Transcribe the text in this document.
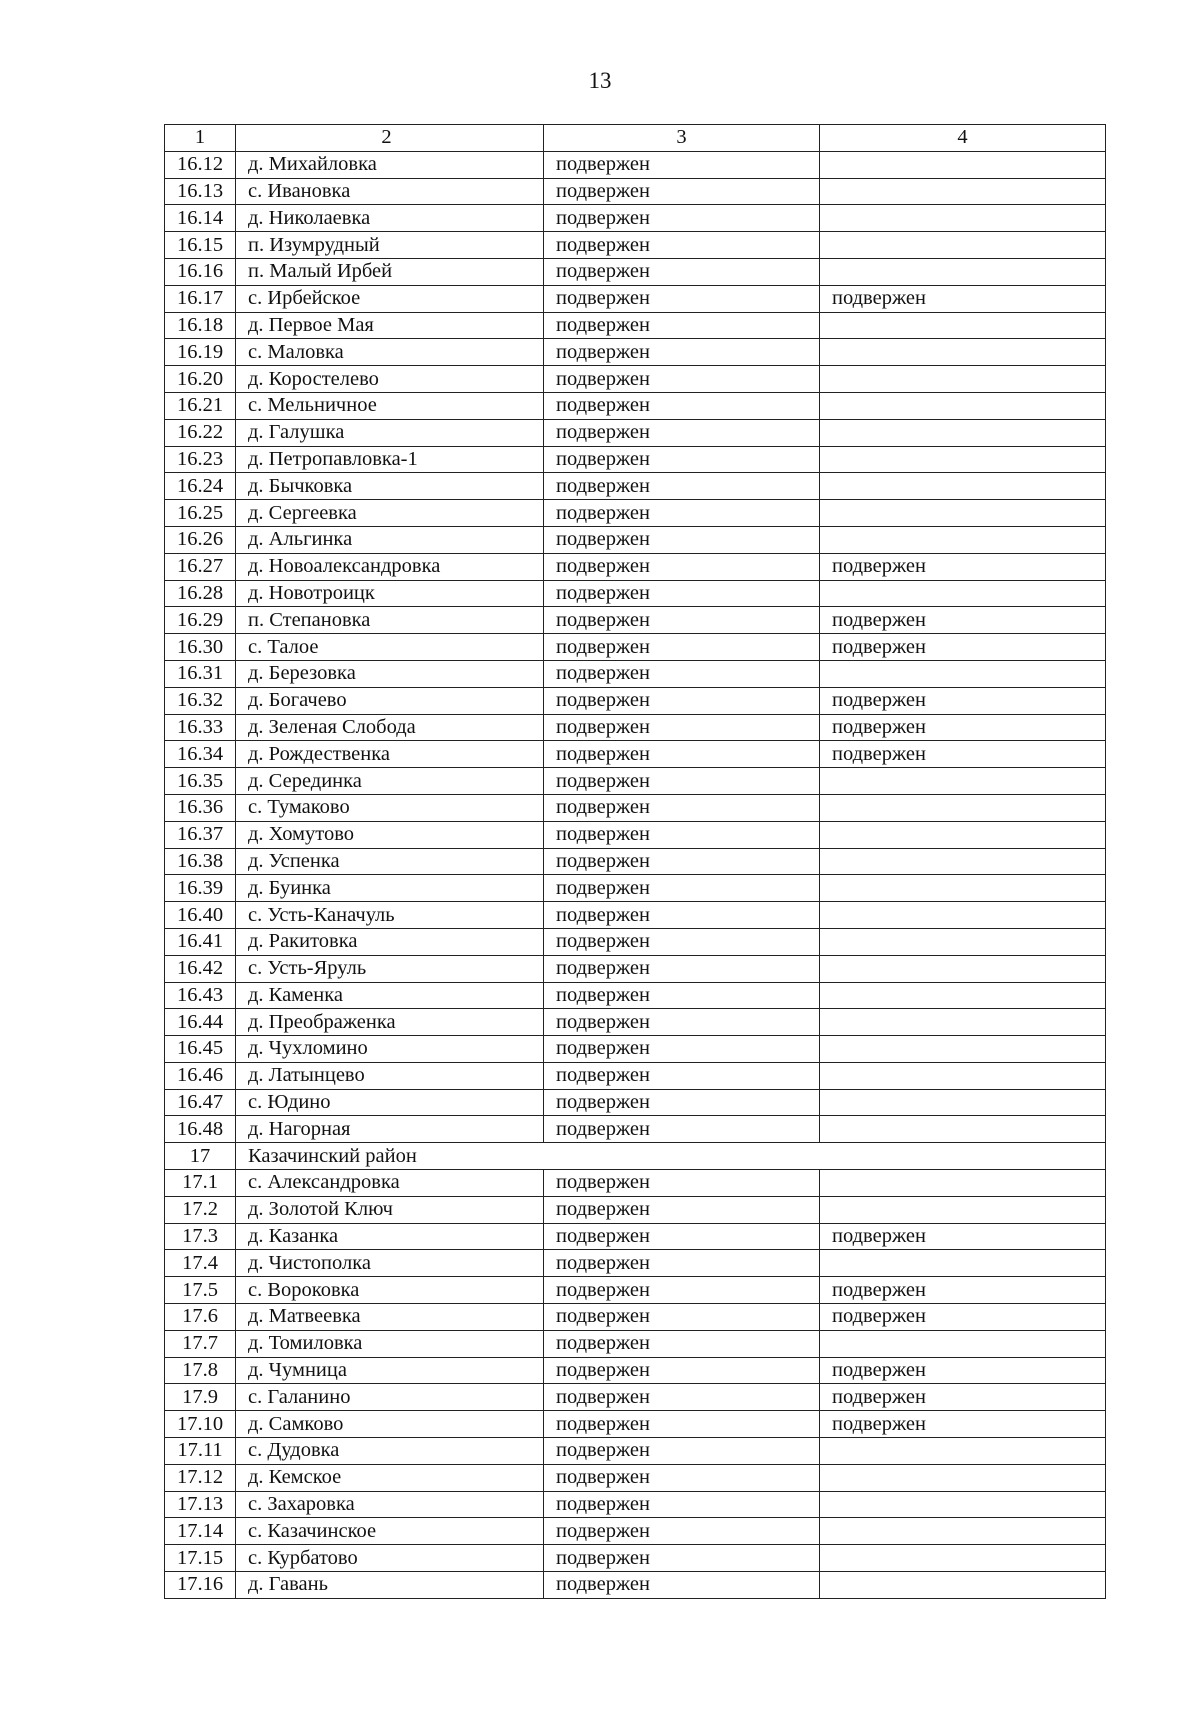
13
1	2	3	4
16.12	д. Михайловка	подвержен	
16.13	с. Ивановка	подвержен	
16.14	д. Николаевка	подвержен	
16.15	п. Изумрудный	подвержен	
16.16	п. Малый Ирбей	подвержен	
16.17	с. Ирбейское	подвержен	подвержен
16.18	д. Первое Мая	подвержен	
16.19	с. Маловка	подвержен	
16.20	д. Коростелево	подвержен	
16.21	с. Мельничное	подвержен	
16.22	д. Галушка	подвержен	
16.23	д. Петропавловка-1	подвержен	
16.24	д. Бычковка	подвержен	
16.25	д. Сергеевка	подвержен	
16.26	д. Альгинка	подвержен	
16.27	д. Новоалександровка	подвержен	подвержен
16.28	д. Новотроицк	подвержен	
16.29	п. Степановка	подвержен	подвержен
16.30	с. Талое	подвержен	подвержен
16.31	д. Березовка	подвержен	
16.32	д. Богачево	подвержен	подвержен
16.33	д. Зеленая Слобода	подвержен	подвержен
16.34	д. Рождественка	подвержен	подвержен
16.35	д. Серединка	подвержен	
16.36	с. Тумаково	подвержен	
16.37	д. Хомутово	подвержен	
16.38	д. Успенка	подвержен	
16.39	д. Буинка	подвержен	
16.40	с. Усть-Каначуль	подвержен	
16.41	д. Ракитовка	подвержен	
16.42	с. Усть-Яруль	подвержен	
16.43	д. Каменка	подвержен	
16.44	д. Преображенка	подвержен	
16.45	д. Чухломино	подвержен	
16.46	д. Латынцево	подвержен	
16.47	с. Юдино	подвержен	
16.48	д. Нагорная	подвержен	
17	Казачинский район		
17.1	с. Александровка	подвержен	
17.2	д. Золотой Ключ	подвержен	
17.3	д. Казанка	подвержен	подвержен
17.4	д. Чистополка	подвержен	
17.5	с. Вороковка	подвержен	подвержен
17.6	д. Матвеевка	подвержен	подвержен
17.7	д. Томиловка	подвержен	
17.8	д. Чумница	подвержен	подвержен
17.9	с. Галанино	подвержен	подвержен
17.10	д. Самково	подвержен	подвержен
17.11	с. Дудовка	подвержен	
17.12	д. Кемское	подвержен	
17.13	с. Захаровка	подвержен	
17.14	с. Казачинское	подвержен	
17.15	с. Курбатово	подвержен	
17.16	д. Гавань	подвержен	
